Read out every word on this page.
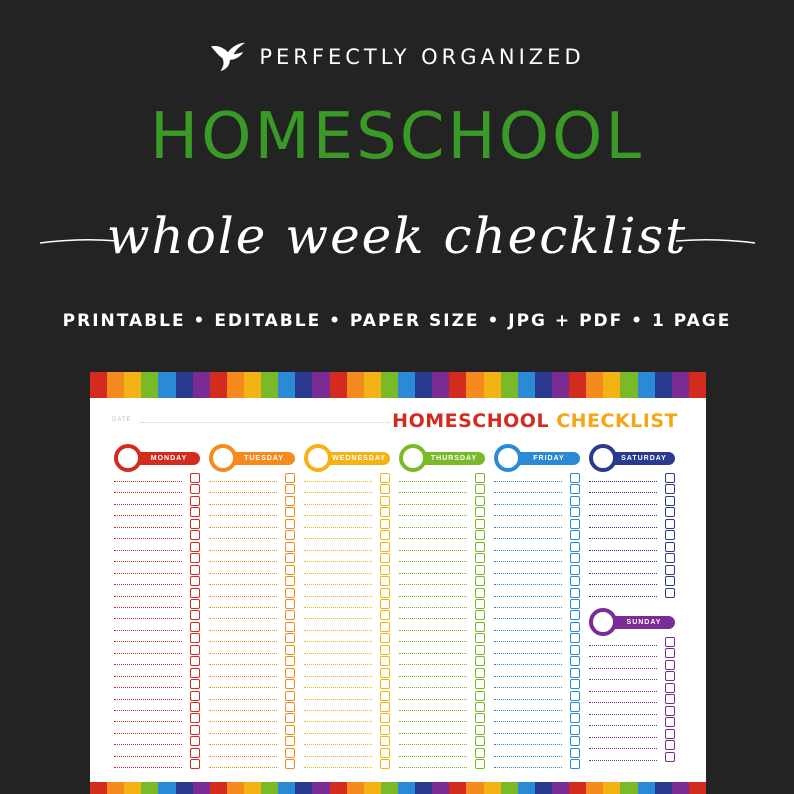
PERFECTLY ORGANIZED
HOMESCHOOL
whole week checklist
PRINTABLE • EDITABLE • PAPER SIZE • JPG + PDF • 1 PAGE
DATE	HOMESCHOOL CHECKLIST
MONDAY	TUESDAY	WEDNESDAY	THURSDAY	FRIDAY	SATURDAY
SUNDAY
